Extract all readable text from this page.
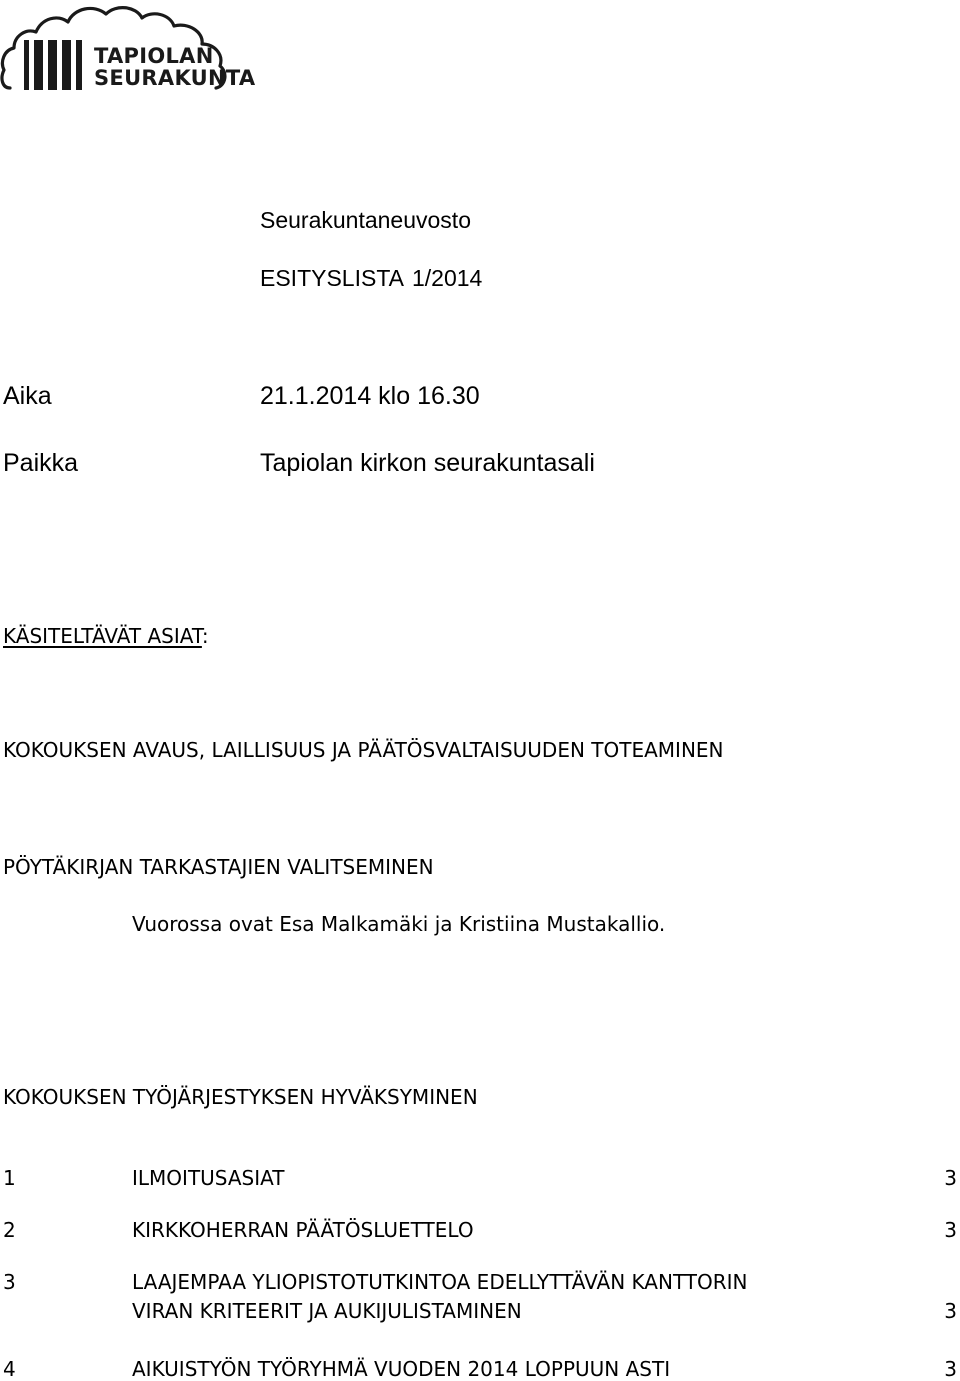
TAPIOLAN
SEURAKUNTA
Seurakuntaneuvosto
ESITYSLISTA 1/2014
Aika	21.1.2014 klo 16.30
Paikka	Tapiolan kirkon seurakuntasali
KÄSITELTÄVÄT ASIAT:
KOKOUKSEN AVAUS, LAILLISUUS JA PÄÄTÖSVALTAISUUDEN TOTEAMINEN
PÖYTÄKIRJAN TARKASTAJIEN VALITSEMINEN
Vuorossa ovat Esa Malkamäki ja Kristiina Mustakallio.
KOKOUKSEN TYÖJÄRJESTYKSEN HYVÄKSYMINEN
1	ILMOITUSASIAT	3
2	KIRKKOHERRAN PÄÄTÖSLUETTELO	3
3	LAAJEMPAA YLIOPISTOTUTKINTOA EDELLYTTÄVÄN KANTTORIN
VIRAN KRITEERIT JA AUKIJULISTAMINEN	3
4	AIKUISTYÖN TYÖRYHMÄ VUODEN 2014 LOPPUUN ASTI	3
